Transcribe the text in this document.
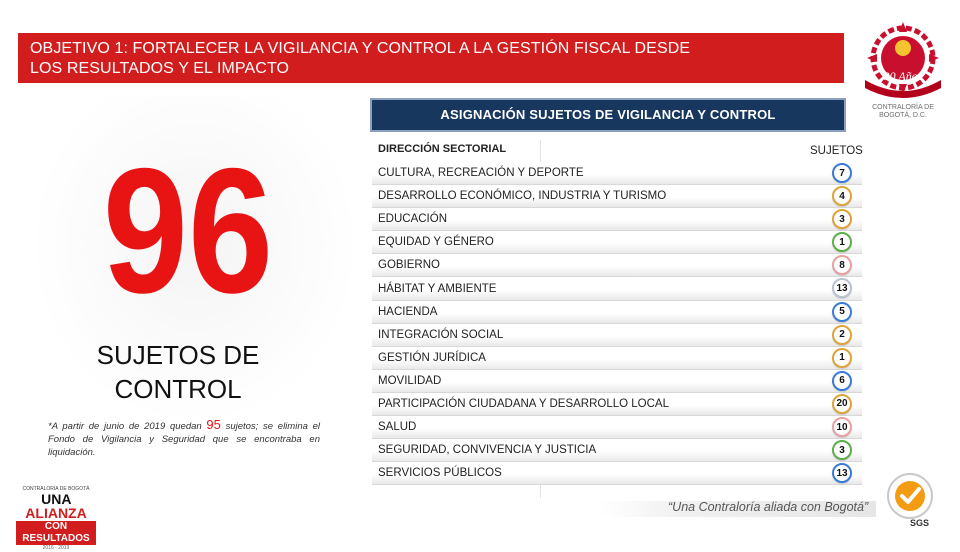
OBJETIVO 1: FORTALECER LA VIGILANCIA Y CONTROL A LA GESTIÓN FISCAL DESDE
LOS RESULTADOS Y EL IMPACTO	90 Años
CONTRALORÍA DE BOGOTÁ, D.C.
96
SUJETOS DE
CONTROL
*A partir de junio de 2019 quedan 95 sujetos; se elimina el Fondo de Vigilancia y Seguridad que se encontraba en liquidación.
ASIGNACIÓN SUJETOS DE VIGILANCIA Y CONTROL
DIRECCIÓN SECTORIAL	SUJETOS
CULTURA, RECREACIÓN Y DEPORTE	7
DESARROLLO ECONÓMICO, INDUSTRIA Y TURISMO	4
EDUCACIÓN	3
EQUIDAD Y GÉNERO	1
GOBIERNO	8
HÁBITAT Y AMBIENTE	13
HACIENDA	5
INTEGRACIÓN SOCIAL	2
GESTIÓN JURÍDICA	1
MOVILIDAD	6
PARTICIPACIÓN CIUDADANA Y DESARROLLO LOCAL	20
SALUD	10
SEGURIDAD, CONVIVENCIA Y JUSTICIA	3
SERVICIOS PÚBLICOS	13
CONTRALORÍA DE BOGOTÁ
UNA ALIANZA
CON RESULTADOS
2016 - 2019
“Una Contraloría aliada con Bogotá”
SGS
